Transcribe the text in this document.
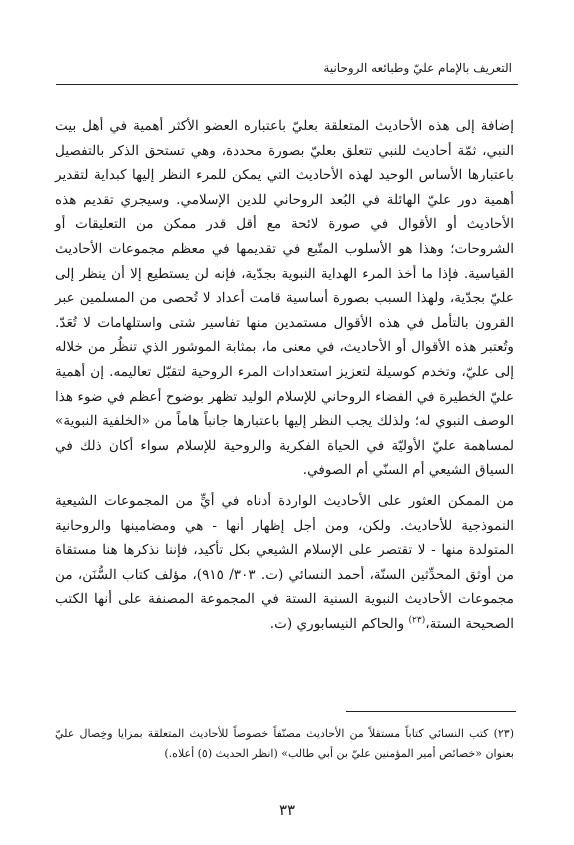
التعريف بالإمام عليّ وطبائعه الروحانية

إضافة إلى هذه الأحاديث المتعلقة بعليّ باعتباره العضو الأكثر أهمية في أهل بيت النبي، ثمّة أحاديث للنبي تتعلق بعليّ بصورة محددة، وهي تستحق الذكر بالتفصيل باعتبارها الأساس الوحيد لهذه الأحاديث التي يمكن للمرء النظر إليها كبداية لتقدير أهمية دور عليّ الهائلة في البُعد الروحاني للدين الإسلامي. وسيجري تقديم هذه الأحاديث أو الأقوال في صورة لائحة مع أقل قدر ممكن من التعليقات أو الشروحات؛ وهذا هو الأسلوب المتّبع في تقديمها في معظم مجموعات الأحاديث القياسية. فإذا ما أخذ المرء الهداية النبوية بجدّية، فإنه لن يستطيع إلا أن ينظر إلى عليّ بجدّية، ولهذا السبب بصورة أساسية قامت أعداد لا تُحصى من المسلمين عبر القرون بالتأمل في هذه الأقوال مستمدين منها تفاسير شتى واستلهامات لا تُعَدّ. وتُعتبر هذه الأقوال أو الأحاديث، في معنى ما، بمثابة الموشور الذي تنظُر من خلاله إلى عليّ، وتخدم كوسيلة لتعزيز استعدادات المرء الروحية لتقبّل تعاليمه. إن أهمية عليّ الخطيرة في الفضاء الروحاني للإسلام الوليد تظهر بوضوح أعظم في ضوء هذا الوصف النبوي له؛ ولذلك يجب النظر إليها باعتبارها جانباً هاماً من «الخلفية النبوية» لمساهمة عليّ الأوليّة في الحياة الفكرية والروحية للإسلام سواء أكان ذلك في السياق الشيعي أم السنّي أم الصوفي.

من الممكن العثور على الأحاديث الواردة أدناه في أيٍّ من المجموعات الشيعية النموذجية للأحاديث. ولكن، ومن أجل إظهار أنها - هي ومضامينها والروحانية المتولدة منها - لا تقتصر على الإسلام الشيعي بكل تأكيد، فإننا نذكرها هنا مستقاة من أوثق المحدِّثين السنّة، أحمد النسائي (ت. ٣٠٣/ ٩١٥)، مؤلف كتاب السُّنَن، من مجموعات الأحاديث النبوية السنية الستة في المجموعة المصنفة على أنها الكتب الصحيحة الستة،$^{(٢٣)}$ والحاكم النيسابوري (ت.

(٢٣) كتب النسائي كتاباً مستقلاً من الأحاديث مصنّفاً خصوصاً للأحاديث المتعلقة بمزايا وخِصال عليّ بعنوان «خصائص أمير المؤمنين عليّ بن أبي طالب» (انظر الحديث (٥) أعلاه.)
٣٣
